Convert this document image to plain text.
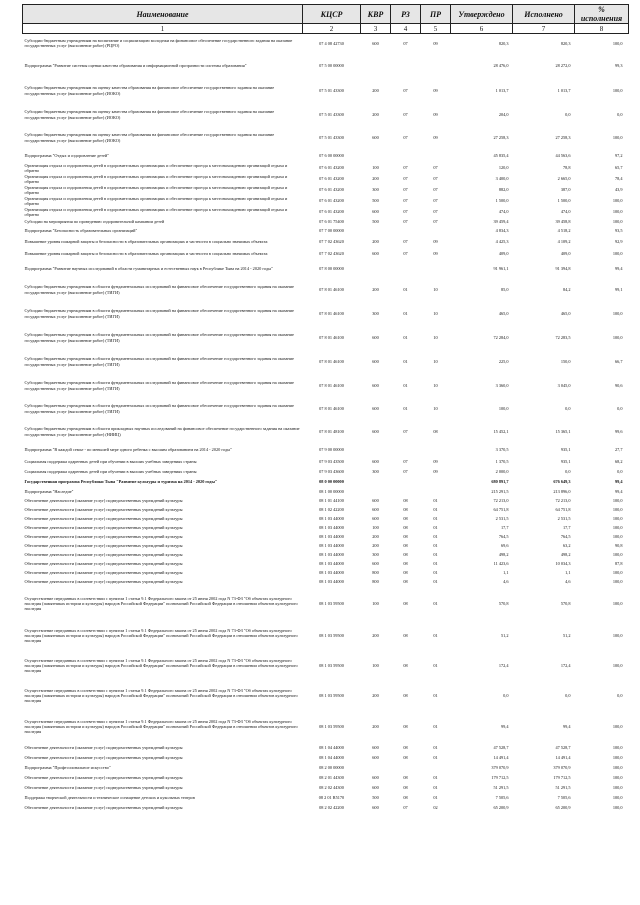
Наименование	КЦСР	КВР	РЗ	ПР	Утверждено	Исполнено	% исполнения
1	2	3	4	5	6	7	8
Субсидии бюджетным учреждениям на воспитание и социализацию молодежи на финансовое обеспечение государственного задания на оказание государственных услуг (выполнение работ) (РЦРО)	07 4 08 42730	600	07	09	820,3	820,3	100,0
Подпрограмма "Развитие системы оценки качества образования и информационной прозрачности системы образования"	07 5 00 00000				28 476,0	28 272,0	99,3
Субсидии бюджетным учреждениям на оценку качества образования на финансовое обеспечение государственного задания на оказание государственных услуг (выполнение работ) (ИОКО)	07 5 01 43300	200	07	09	1 013,7	1 013,7	100,0
Субсидии бюджетным учреждениям на оценку качества образования на финансовое обеспечение государственного задания на оказание государственных услуг (выполнение работ) (ИОКО)	07 5 01 43300	200	07	09	204,0	0,0	0,0
Субсидии бюджетным учреждениям на оценку качества образования на финансовое обеспечение государственного задания на оказание государственных услуг (выполнение работ) (ИОКО)	07 5 01 43300	600	07	09	27 258,3	27 258,3	100,0
Подпрограмма "Отдых и оздоровление детей"	07 6 00 00000				45 835,4	44 563,6	97,2
Организация отдыха и оздоровления детей в оздоровительных организациях и обеспечение проезда к местонахождению организаций отдыха и обратно	07 6 01 43200	100	07	07	120,0	78,8	65,7
Организация отдыха и оздоровления детей в оздоровительных организациях и обеспечение проезда к местонахождению организаций отдыха и обратно	07 6 01 43200	200	07	07	3 400,0	2 665,0	78,4
Организация отдыха и оздоровления детей в оздоровительных организациях и обеспечение проезда к местонахождению организаций отдыха и обратно	07 6 01 43200	300	07	07	882,0	387,0	43,9
Организация отдыха и оздоровления детей в оздоровительных организациях и обеспечение проезда к местонахождению организаций отдыха и обратно	07 6 01 43200	500	07	07	1 500,0	1 500,0	100,0
Организация отдыха и оздоровления детей в оздоровительных организациях и обеспечение проезда к местонахождению организаций отдыха и обратно	07 6 01 43200	600	07	07	474,0	474,0	100,0
Субсидии на мероприятия по проведению оздоровительной кампании детей	07 6 01 75400	500	07	07	39 459,4	39 458,8	100,0
Подпрограмма "Безопасность образовательных организаций"	07 7 00 00000				4 834,3	4 518,2	93,5
Повышение уровня пожарной защиты и безопасности в образовательных организациях и частности в социально значимых объектах	07 7 02 43620	200	07	09	4 425,3	4 109,2	92,9
Повышение уровня пожарной защиты и безопасности в образовательных организациях и частности в социально значимых объектах	07 7 02 43620	600	07	09	409,0	409,0	100,0
Подпрограмма "Развитие научных исследований в области гуманитарных и естественных наук в Республике Тыва на 2014 - 2020 годы"	07 8 00 00000				91 961,1	91 394,8	99,4
Субсидии бюджетным учреждениям в области фундаментальных исследований на финансовое обеспечение государственного задания на оказание государственных услуг (выполнение работ) (ТИГИ)	07 8 01 46100	200	01	10	85,0	84,2	99,1
Субсидии бюджетным учреждениям в области фундаментальных исследований на финансовое обеспечение государственного задания на оказание государственных услуг (выполнение работ) (ТИГИ)	07 8 01 46100	300	01	10	465,0	465,0	100,0
Субсидии бюджетным учреждениям в области фундаментальных исследований на финансовое обеспечение государственного задания на оказание государственных услуг (выполнение работ) (ТИГИ)	07 8 01 46100	600	01	10	72 284,0	72 283,5	100,0
Субсидии бюджетным учреждениям в области фундаментальных исследований на финансовое обеспечение государственного задания на оказание государственных услуг (выполнение работ) (ТИГИ)	07 8 01 46100	600	01	10	225,0	150,0	66,7
Субсидии бюджетным учреждениям в области фундаментальных исследований на финансовое обеспечение государственного задания на оказание государственных услуг (выполнение работ) (ТИГИ)	07 8 01 46100	600	01	10	3 360,0	3 045,0	90,6
Субсидии бюджетным учреждениям в области фундаментальных исследований на финансовое обеспечение государственного задания на оказание государственных услуг (выполнение работ) (ТИГИ)	07 8 01 46100	600	01	10	100,0	0,0	0,0
Субсидии бюджетным учреждениям в области прикладных научных исследований на финансовое обеспечение государственного задания на оказание государственных услуг (выполнение работ) (НИИЦ)	07 8 01 48100	600	07	08	15 452,1	15 365,1	99,6
Подпрограмма "В каждой семье - по меньшей мере одного ребенка с высшим образованием на 2014 - 2020 годы"	07 9 00 00000				3 370,5	935,1	27,7
Социальная поддержка одаренных детей при обучении в высших учебных заведениях страны	07 9 03 43500	600	07	09	1 370,5	935,1	68,2
Социальная поддержка одаренных детей при обучении в высших учебных заведениях страны	07 9 03 43600	300	07	09	2 000,0	0,0	0,0
Государственная программа Республики Тыва "Развитие культуры и туризма на 2014 - 2020 годы"	08 0 00 00000				680 891,7	676 649,3	99,4
Подпрограмма "Наследие"	08 1 00 00000				215 291,5	213 896,0	99,4
Обеспечение деятельности (оказание услуг) подведомственных учреждений культуры	08 1 01 44100	600	08	01	72 213,0	72 213,0	100,0
Обеспечение деятельности (оказание услуг) подведомственных учреждений культуры	08 1 02 42200	600	08	01	64 751,8	64 751,8	100,0
Обеспечение деятельности (оказание услуг) подведомственных учреждений культуры	08 1 03 44000	600	08	01	2 531,5	2 531,5	100,0
Обеспечение деятельности (оказание услуг) подведомственных учреждений культуры	08 1 03 44000	100	08	01	17,7	17,7	100,0
Обеспечение деятельности (оказание услуг) подведомственных учреждений культуры	08 1 03 44000	200	08	01	764,5	764,5	100,0
Обеспечение деятельности (оказание услуг) подведомственных учреждений культуры	08 1 03 44000	200	08	01	69,6	63,2	90,8
Обеспечение деятельности (оказание услуг) подведомственных учреждений культуры	08 1 03 44000	300	08	01	498,2	498,2	100,0
Обеспечение деятельности (оказание услуг) подведомственных учреждений культуры	08 1 03 44000	600	08	01	11 423,6	10 034,3	87,8
Обеспечение деятельности (оказание услуг) подведомственных учреждений культуры	08 1 03 44000	800	08	01	1,1	1,1	100,0
Обеспечение деятельности (оказание услуг) подведомственных учреждений культуры	08 1 03 44000	800	08	01	4,6	4,6	100,0
Осуществление переданных в соответствии с пунктом 1 статьи 9.1 Федерального закона от 25 июня 2002 года N 73-ФЗ "Об объектах культурного наследия (памятниках истории и культуры) народов Российской Федерации" полномочий Российской Федерации в отношении объектов культурного наследия	08 1 03 59500	100	08	01	570,8	570,8	100,0
Осуществление переданных в соответствии с пунктом 1 статьи 9.1 Федерального закона от 25 июня 2002 года N 73-ФЗ "Об объектах культурного наследия (памятниках истории и культуры) народов Российской Федерации" полномочий Российской Федерации в отношении объектов культурного наследия	08 1 03 59500	200	08	01	51,2	51,2	100,0
Осуществление переданных в соответствии с пунктом 1 статьи 9.1 Федерального закона от 25 июня 2002 года N 73-ФЗ "Об объектах культурного наследия (памятниках истории и культуры) народов Российской Федерации" полномочий Российской Федерации в отношении объектов культурного наследия	08 1 03 59500	100	08	01	172,4	172,4	100,0
Осуществление переданных в соответствии с пунктом 1 статьи 9.1 Федерального закона от 25 июня 2002 года N 73-ФЗ "Об объектах культурного наследия (памятниках истории и культуры) народов Российской Федерации" полномочий Российской Федерации в отношении объектов культурного наследия	08 1 03 59500	200	08	01	0,0	0,0	0,0
Осуществление переданных в соответствии с пунктом 1 статьи 9.1 Федерального закона от 25 июня 2002 года N 73-ФЗ "Об объектах культурного наследия (памятниках истории и культуры) народов Российской Федерации" полномочий Российской Федерации в отношении объектов культурного наследия	08 1 03 59500	200	08	01	99,4	99,4	100,0
Обеспечение деятельности (оказание услуг) подведомственных учреждений культуры	08 1 04 44000	600	08	01	47 528,7	47 528,7	100,0
Обеспечение деятельности (оказание услуг) подведомственных учреждений культуры	08 1 04 44000	600	08	01	14 491,4	14 491,4	100,0
Подпрограмма "Профессиональное искусство"	08 2 00 00000				379 070,9	379 070,9	100,0
Обеспечение деятельности (оказание услуг) подведомственных учреждений культуры	08 2 01 44300	600	08	01	179 712,5	179 712,5	100,0
Обеспечение деятельности (оказание услуг) подведомственных учреждений культуры	08 2 02 44300	600	08	01	51 291,5	51 291,5	100,0
Поддержка творческой деятельности и техническое оснащение детских и кукольных театров	08 2 01 R5170	500	08	01	7 505,6	7 505,6	100,0
Обеспечение деятельности (оказание услуг) подведомственных учреждений культуры	08 2 02 42200	600	07	02	65 200,9	65 200,9	100,0
